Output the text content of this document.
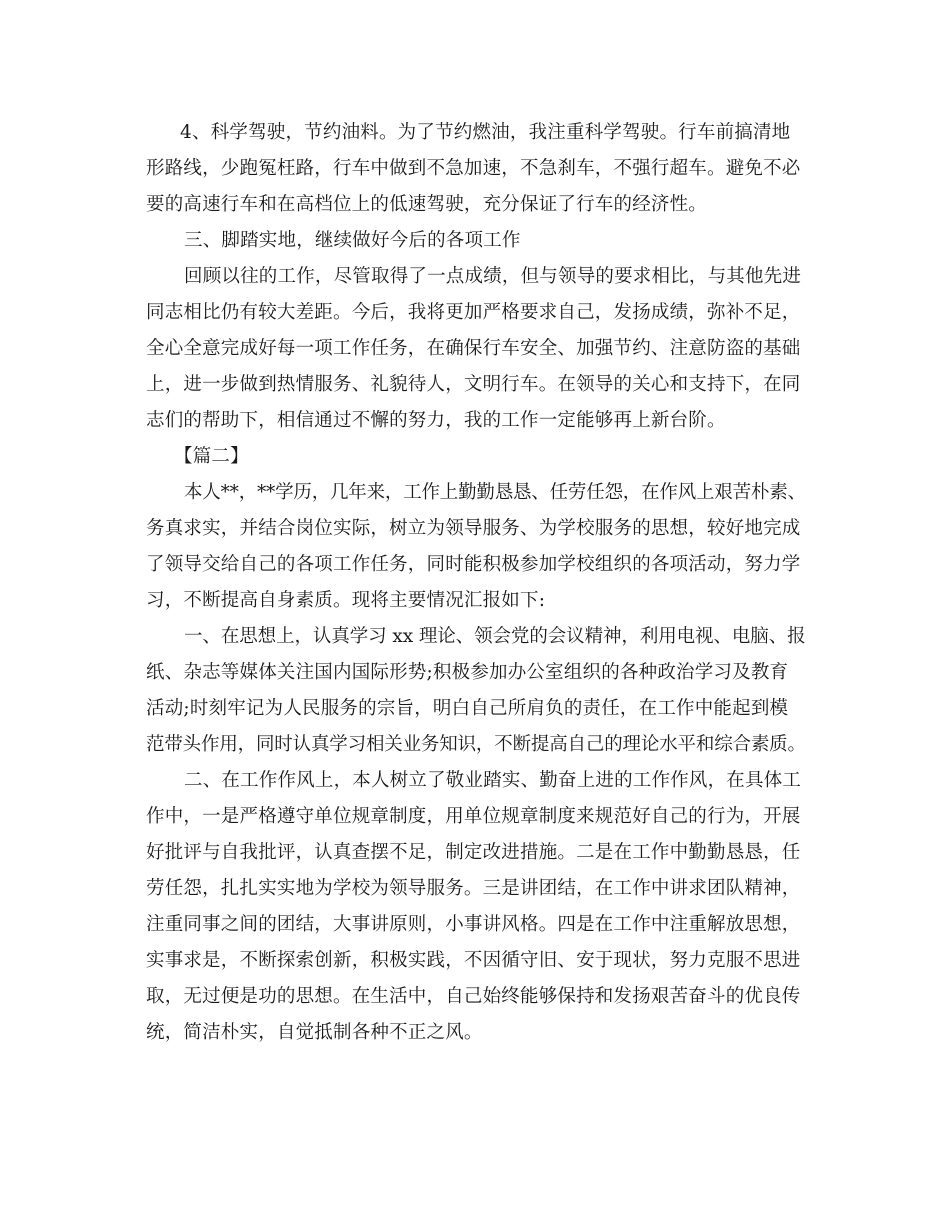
4、科学驾驶，节约油料。为了节约燃油，我注重科学驾驶。行车前搞清地
形路线，少跑冤枉路，行车中做到不急加速，不急刹车，不强行超车。避免不必
要的高速行车和在高档位上的低速驾驶，充分保证了行车的经济性。
三、脚踏实地，继续做好今后的各项工作
回顾以往的工作，尽管取得了一点成绩，但与领导的要求相比，与其他先进
同志相比仍有较大差距。今后，我将更加严格要求自己，发扬成绩，弥补不足，
全心全意完成好每一项工作任务，在确保行车安全、加强节约、注意防盗的基础
上，进一步做到热情服务、礼貌待人，文明行车。在领导的关心和支持下，在同
志们的帮助下，相信通过不懈的努力，我的工作一定能够再上新台阶。
【篇二】
本人**，**学历，几年来，工作上勤勤恳恳、任劳任怨，在作风上艰苦朴素、
务真求实，并结合岗位实际，树立为领导服务、为学校服务的思想，较好地完成
了领导交给自己的各项工作任务，同时能积极参加学校组织的各项活动，努力学
习，不断提高自身素质。现将主要情况汇报如下:
一、在思想上，认真学习 xx 理论、领会党的会议精神，利用电视、电脑、报
纸、杂志等媒体关注国内国际形势;积极参加办公室组织的各种政治学习及教育
活动;时刻牢记为人民服务的宗旨，明白自己所肩负的责任，在工作中能起到模
范带头作用，同时认真学习相关业务知识，不断提高自己的理论水平和综合素质。
二、在工作作风上，本人树立了敬业踏实、勤奋上进的工作作风，在具体工
作中，一是严格遵守单位规章制度，用单位规章制度来规范好自己的行为，开展
好批评与自我批评，认真查摆不足，制定改进措施。二是在工作中勤勤恳恳，任
劳任怨，扎扎实实地为学校为领导服务。三是讲团结，在工作中讲求团队精神，
注重同事之间的团结，大事讲原则，小事讲风格。四是在工作中注重解放思想，
实事求是，不断探索创新，积极实践，不因循守旧、安于现状，努力克服不思进
取，无过便是功的思想。在生活中，自己始终能够保持和发扬艰苦奋斗的优良传
统，简洁朴实，自觉抵制各种不正之风。
